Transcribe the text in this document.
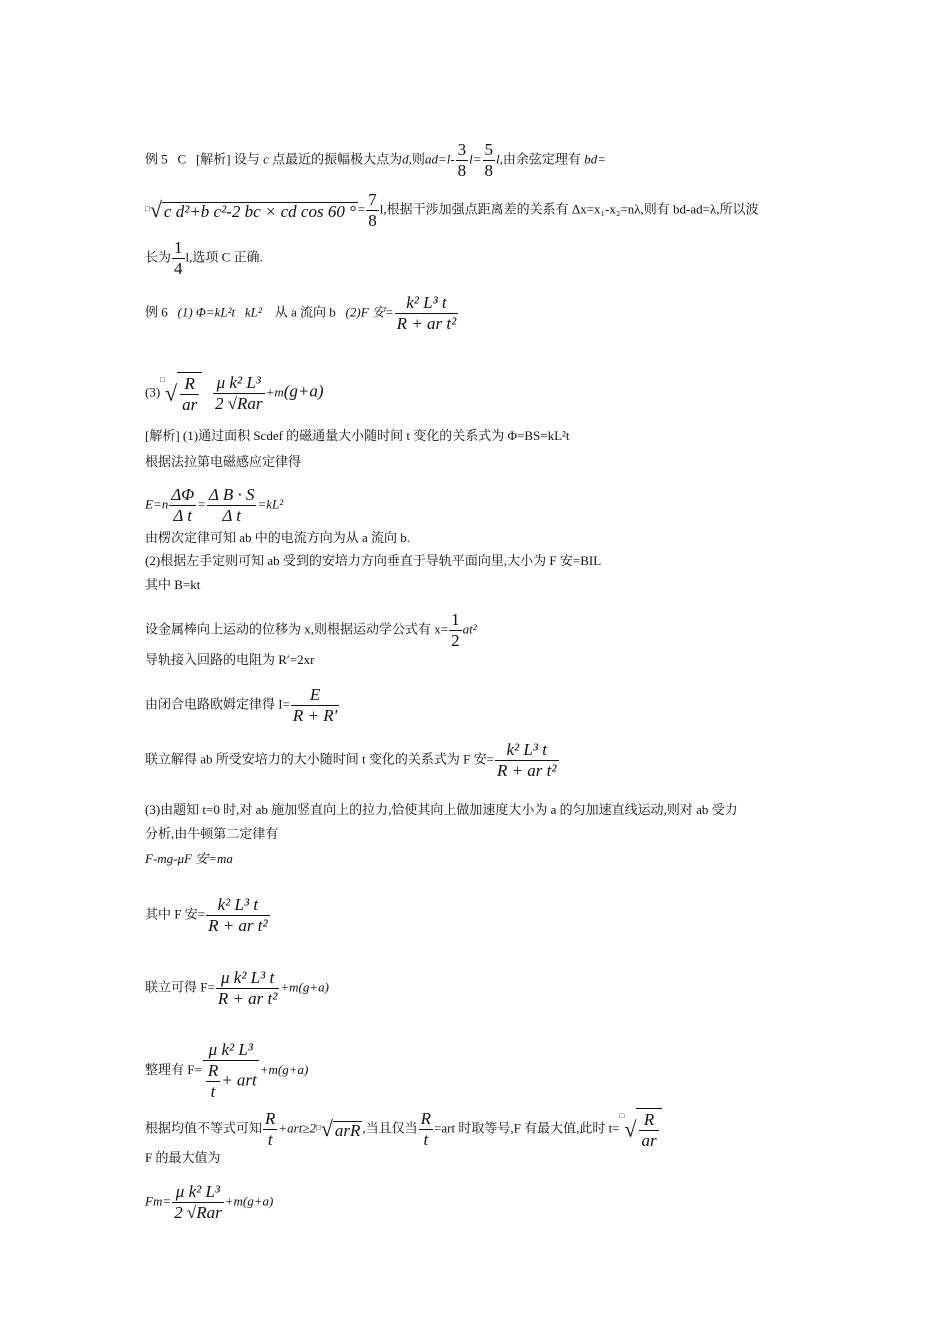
例 5 C [解析] 设与 c 点最近的振幅极大点为d,则$ad=l- \frac{3}{8} l= \frac{5}{8} l$,由余弦定理有 bd=
□√ c d²+b c²-2 bc × cd cos 60 ° = $\frac{7}{8} l$,根据干涉加强点距离差的关系有 Δx=x₁-x₂=nλ,则有 bd-ad=λ,所以波
长为 $\frac{1}{4} l$,选项 C 正确.
例 6 (1) Φ=kL²t kL² 从 a 流向 b (2)F 安= $\frac{\text{k² L³ t}}{\text{R + ar t²}}$
$(3)^□√ \frac{R}{ar}$
$\frac{\text{μ k² L³}}{\text{2 √Rar}} +m(g+a)$
[解析] (1)通过面积 Scdef 的磁通量大小随时间 t 变化的关系式为 Φ=BS=kL²t
根据法拉第电磁感应定律得
$E=n \frac{\Delta\Phi}{\text{Δ t}} = \frac{\text{Δ B · S}}{\text{Δ t}} =kL^2$
由楞次定律可知 ab 中的电流方向为从 a 流向 b.
(2)根据左手定则可知 ab 受到的安培力方向垂直于导轨平面向里,大小为 F 安=BIL
其中 B=kt
设金属棒向上运动的位移为 x,则根据运动学公式有 $x= \frac{1}{2} at^2$
导轨接入回路的电阻为 R′=2xr
由闭合电路欧姆定律得 $I= \frac{E}{R + R'}$
联立解得 ab 所受安培力的大小随时间 t 变化的关系式为 F 安= $\frac{\text{k² L³ t}}{\text{R + ar t²}}$
(3)由题知 t=0 时,对 ab 施加竖直向上的拉力,恰使其向上做加速度大小为 a 的匀加速直线运动,则对 ab 受力
分析,由牛顿第二定律有
F-mg-μF 安=ma
其中 F 安= $\frac{\text{k² L³ t}}{\text{R + ar t²}}$
联立可得 $F= \frac{\text{μ k² L³ t}}{\text{R + ar t²}} +m(g+a)$
整理有 $F= \frac{\text{μ k² L³}}{\frac{R}{t} + art} +m(g+a)$
根据均值不等式可知 $\frac{R}{t} +art\ge 2^□√$ arR ,当且仅当 $\frac{R}{t} =art$ 时取等号,F 有最大值,此时 $t=^□√ \frac{R}{ar}$
F 的最大值为
$Fm= \frac{\text{μ k² L³}}{\text{2 √Rar}} +m(g+a)$
